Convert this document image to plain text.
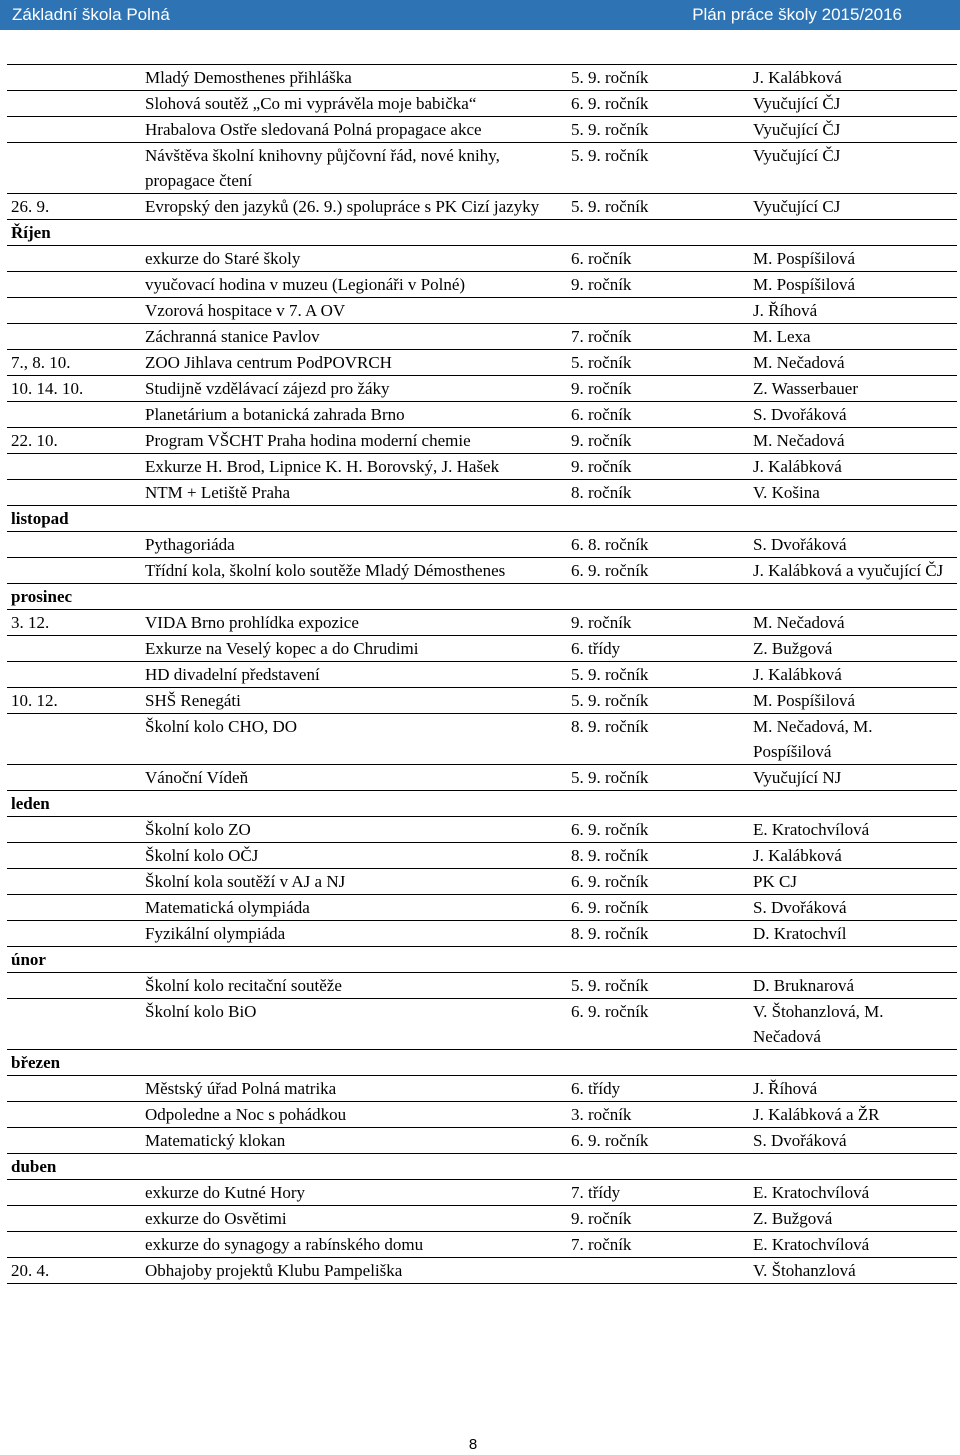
Základní škola Polná	Plán práce školy 2015/2016
	Mladý Demosthenes přihláška	5. 9. ročník	J. Kalábková
	Slohová soutěž „Co mi vyprávěla moje babička“	6. 9. ročník	Vyučující ČJ
	Hrabalova Ostře sledovaná Polná propagace akce	5. 9. ročník	Vyučující ČJ
	Návštěva školní knihovny půjčovní řád, nové knihy, propagace čtení	5. 9. ročník	Vyučující ČJ
26. 9.	Evropský den jazyků (26. 9.) spolupráce s PK Cizí jazyky	5. 9. ročník	Vyučující CJ
Říjen			
	exkurze do Staré školy	6. ročník	M. Pospíšilová
	vyučovací hodina v muzeu (Legionáři v Polné)	9. ročník	M. Pospíšilová
	Vzorová hospitace v 7. A OV		J. Říhová
	Záchranná stanice Pavlov	7. ročník	M. Lexa
7., 8. 10.	ZOO Jihlava centrum PodPOVRCH	5. ročník	M. Nečadová
10. 14. 10.	Studijně vzdělávací zájezd pro žáky	9. ročník	Z. Wasserbauer
	Planetárium a botanická zahrada Brno	6. ročník	S. Dvořáková
22. 10.	Program VŠCHT Praha hodina moderní chemie	9. ročník	M. Nečadová
	Exkurze H. Brod, Lipnice K. H. Borovský, J. Hašek	9. ročník	J. Kalábková
	NTM + Letiště Praha	8. ročník	V. Košina
listopad			
	Pythagoriáda	6. 8. ročník	S. Dvořáková
	Třídní kola, školní kolo soutěže Mladý Démosthenes	6. 9. ročník	J. Kalábková a vyučující ČJ
prosinec			
3. 12.	VIDA Brno prohlídka expozice	9. ročník	M. Nečadová
	Exkurze na Veselý kopec a do Chrudimi	6. třídy	Z. Bužgová
	HD divadelní představení	5. 9. ročník	J. Kalábková
10. 12.	SHŠ Renegáti	5. 9. ročník	M. Pospíšilová
	Školní kolo CHO, DO	8. 9. ročník	M. Nečadová, M. Pospíšilová
	Vánoční Vídeň	5. 9. ročník	Vyučující NJ
leden			
	Školní kolo ZO	6. 9. ročník	E. Kratochvílová
	Školní kolo OČJ	8. 9. ročník	J. Kalábková
	Školní kola soutěží v AJ a NJ	6. 9. ročník	PK CJ
	Matematická olympiáda	6. 9. ročník	S. Dvořáková
	Fyzikální olympiáda	8. 9. ročník	D. Kratochvíl
únor			
	Školní kolo recitační soutěže	5. 9. ročník	D. Bruknarová
	Školní kolo BiO	6. 9. ročník	V. Štohanzlová, M. Nečadová
březen			
	Městský úřad Polná matrika	6. třídy	J. Říhová
	Odpoledne a Noc s pohádkou	3. ročník	J. Kalábková a ŽR
	Matematický klokan	6. 9. ročník	S. Dvořáková
duben			
	exkurze do Kutné Hory	7. třídy	E. Kratochvílová
	exkurze do Osvětimi	9. ročník	Z. Bužgová
	exkurze do synagogy a rabínského domu	7. ročník	E. Kratochvílová
20. 4.	Obhajoby projektů Klubu Pampeliška		V. Štohanzlová
8
